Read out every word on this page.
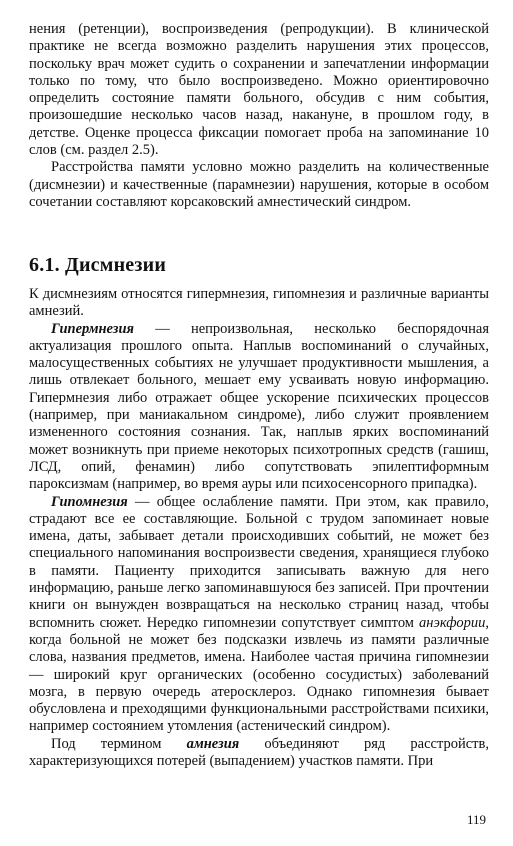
нения (ретенции), воспроизведения (репродукции). В клинической практике не всегда возможно разделить нарушения этих процессов, поскольку врач может судить о сохранении и запечатлении информации только по тому, что было воспроизведено. Можно ориентировочно определить состояние памяти больного, обсудив с ним события, произошедшие несколько часов назад, накануне, в прошлом году, в детстве. Оценке процесса фиксации помогает проба на запоминание 10 слов (см. раздел 2.5).

Расстройства памяти условно можно разделить на количественные (дисмнезии) и качественные (парамнезии) нарушения, которые в особом сочетании составляют корсаковский амнестический синдром.

6.1. Дисмнезии

К дисмнезиям относятся гипермнезия, гипомнезия и различные варианты амнезий.

Гипермнезия — непроизвольная, несколько беспорядочная актуализация прошлого опыта. Наплыв воспоминаний о случайных, малосущественных событиях не улучшает продуктивности мышления, а лишь отвлекает больного, мешает ему усваивать новую информацию. Гипермнезия либо отражает общее ускорение психических процессов (например, при маниакальном синдроме), либо служит проявлением измененного состояния сознания. Так, наплыв ярких воспоминаний может возникнуть при приеме некоторых психотропных средств (гашиш, ЛСД, опий, фенамин) либо сопутствовать эпилептиформным пароксизмам (например, во время ауры или психосенсорного припадка).

Гипомнезия — общее ослабление памяти. При этом, как правило, страдают все ее составляющие. Больной с трудом запоминает новые имена, даты, забывает детали происходивших событий, не может без специального напоминания воспроизвести сведения, хранящиеся глубоко в памяти. Пациенту приходится записывать важную для него информацию, раньше легко запоминавшуюся без записей. При прочтении книги он вынужден возвращаться на несколько страниц назад, чтобы вспомнить сюжет. Нередко гипомнезии сопутствует симптом анэкфории, когда больной не может без подсказки извлечь из памяти различные слова, названия предметов, имена. Наиболее частая причина гипомнезии — широкий круг органических (особенно сосудистых) заболеваний мозга, в первую очередь атеросклероз. Однако гипомнезия бывает обусловлена и преходящими функциональными расстройствами психики, например состоянием утомления (астенический синдром).

Под термином амнезия объединяют ряд расстройств, характеризующихся потерей (выпадением) участков памяти. При

119
